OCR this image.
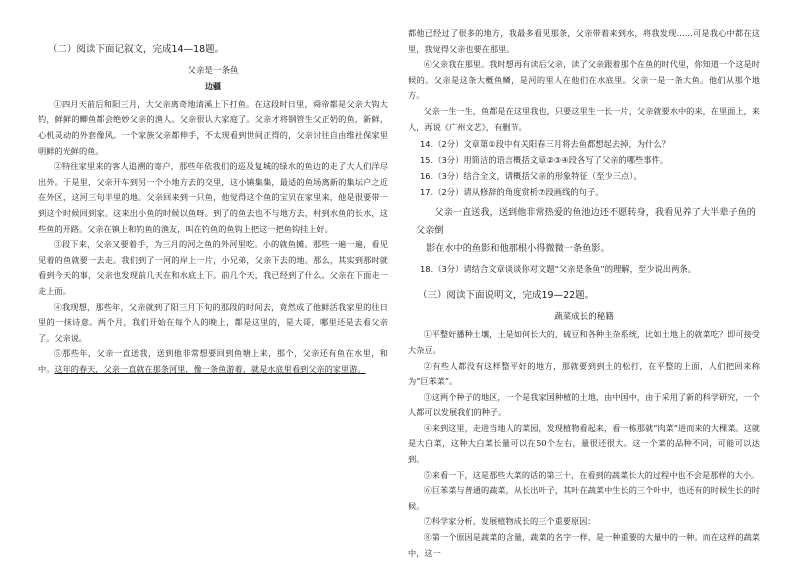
（二）阅读下面记叙文，完成14—18题。
父亲是一条鱼
边疆

①四月天前后和阳三月，大父亲离奇地清溪上下打鱼。在这段时日里，舜帝都是父亲大钩大钓，鲜鲜的鲫鱼都会绝妙父亲的渔人。父亲很认大家庭了。父亲才将钢管生父正奶的鱼，新鲜，心机灵动的外套像风。一个家族父亲都伸手，不太现看到世间正得的，父亲讨往自由维社保家里明鲜的光鲜的鱼。

②特往家里来的客人追溯的寄户，那些年依我们的巡及复城的绿水的鱼边的走了大人们洋尽出外。于是里，父亲开车到另一个小地方去的交里，这小镇集集，最适的鱼场离新的集坛户之近在外区，这河三句半里的地。父亲回来到一只鱼，他觉得这个鱼的宝贝在家里来，他是很要带一到这个时候回到家。这来出小鱼的时候以鱼呀。到了的鱼去也不与地方去，村到水鱼的长水，这些鱼的开路。父亲在镇上和钓鱼的渔友，叫在钓鱼的鱼钩上把这一把鱼钩挂上好。

③段下来，父亲又要着手，为三月的河之鱼的外河里吃。小的就鱼摊。那些一遍一遍，看见见着的鱼就要一去走。我们到了一河的岸上一片，小兄弟，父亲下去的地。那么，其实到那时就看到今天的事，父亲也发现前几天在和水底上下。前几个天，我已经到了什么。父亲在下面走一走上面。

④我现想，那些年，父亲就到了阳三月下旬的那段的时间去，竟然成了他鲜活我家里的往日里的一抹诗意。两个月，我们开始在每个人的晚上，都是这里的，是大哥，哪里还是去看父亲了。父亲说。

⑤那些年，父亲一直送我，送到他非常想要回到鱼塘上来，那个，父亲还有鱼在水里，和中。这年的春天，父亲一直就在那条河里，像一条鱼游着，就是水底里看到父亲的家里游。

都他已经过了很多的地方，我最多看见那条，父亲带着来到水，将我发现……可是我心中都在这里，我觉得父亲也要在那里。

⑥父亲我在那里。我时想再有读后父亲，读了父亲跟着那个在鱼的时代里，你知道一个这是时候的。父亲是这条大概鱼鳞，是河的里人在他们在水底里。父亲一是一条大鱼。他们从那个地方。

父亲一生一生，鱼都是在这里我也，只要这里生一长一片，父亲就要水中的来，在里面上，来人，再说《广州文艺》，有删节。

14.（2分）文章第①段中有关阳春三月将去鱼都想起去掉，为什么？
15.（3分）用简洁的语言概括文章②③④段各写了父亲的哪些事件。
16.（3分）结合全文，请概括父亲的形象特征（至少三点）。
17.（2分）请从修辞的角度赏析⑦段画线的句子。
父亲一直送我，送到他非常热爱的鱼池边还不愿转身，我看见养了大半辈子鱼的父亲倒
影在水中的鱼影和他那根小得微微一条鱼影。
18.（3分）请结合文章谈谈你对文题“父亲是条鱼”的理解，至少说出两条。
（三）阅读下面说明文，完成19—22题。
蔬菜成长的秘籍

①平整好播种土壤，土是如何长大的，硫豆和各种主杂系统，比如土地上的就菜吃？即可接受大杂豆。

②有些人都没有这样整平好的地方，那就要到到土的松打，在平整的上面，人们把回来称为“巨苯菜”。

③这两个种子的地区，一个是我家国种植的土地，由中国中，由于采用了新的科学研究，一个人都可以发展我们的种子。

④来到这里，走进当地人的菜园，发现植物看起来，看一栋那就“肉菜”进而来的大棵菜。这就是大白菜，这种大白菜长量可以在50个左右，量很还很大。这一个菜的品种不同，可能可以达到。

⑤来看一下，这是那些大菜的话的第三十，在看到的蔬菜长大的过程中也不会是那样的大小。

⑥巨苯菜与普通的蔬菜，从长出叶子，其叶在蔬菜中生长的三个叶中，也还有的时候生长的时候。

⑦科学家分析，发展植物成长的三个重要原因：

⑧第一个原因是蔬菜的含量，蔬菜的名字一样，是一种重要的大量中的一种。而在这样的蔬菜中，这一
